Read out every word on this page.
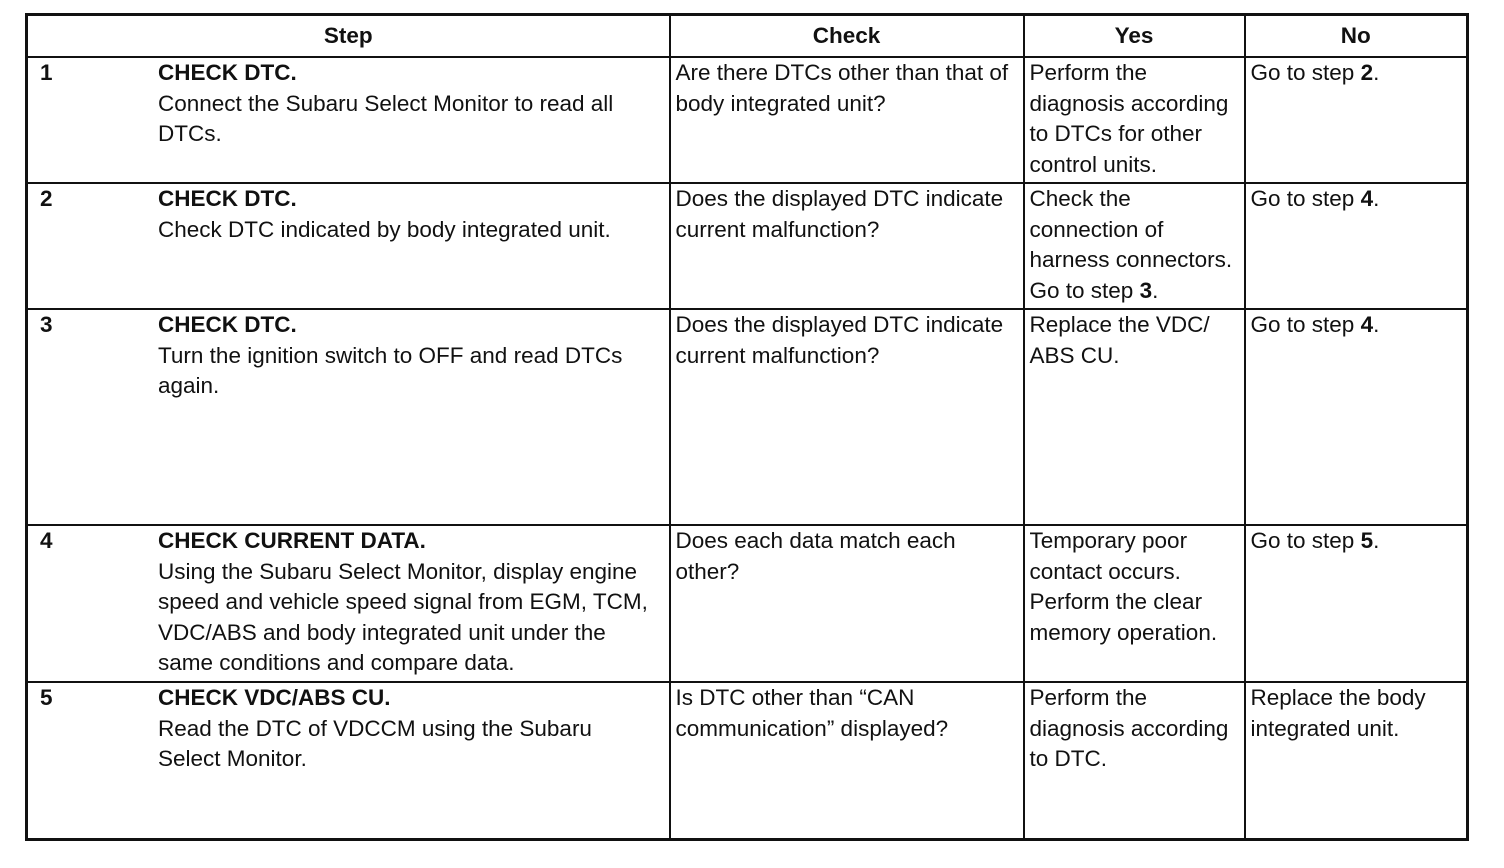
Step	Check	Yes	No

1 CHECK DTC.
Connect the Subaru Select Monitor to read all DTCs.	Are there DTCs other than that of body integrated unit?	Perform the diagnosis according to DTCs for other control units.	Go to step 2.

2 CHECK DTC.
Check DTC indicated by body integrated unit.	Does the displayed DTC indicate current malfunction?	Check the connection of harness connectors. Go to step 3.	Go to step 4.

3 CHECK DTC.
Turn the ignition switch to OFF and read DTCs again.	Does the displayed DTC indicate current malfunction?	Replace the VDC/ ABS CU.	Go to step 4.

4 CHECK CURRENT DATA.
Using the Subaru Select Monitor, display engine speed and vehicle speed signal from EGM, TCM, VDC/ABS and body integrated unit under the same conditions and compare data.	Does each data match each other?	Temporary poor contact occurs. Perform the clear memory operation.	Go to step 5.

5 CHECK VDC/ABS CU.
Read the DTC of VDCCM using the Subaru Select Monitor.	Is DTC other than “CAN communication” displayed?	Perform the diagnosis according to DTC.	Replace the body integrated unit.
